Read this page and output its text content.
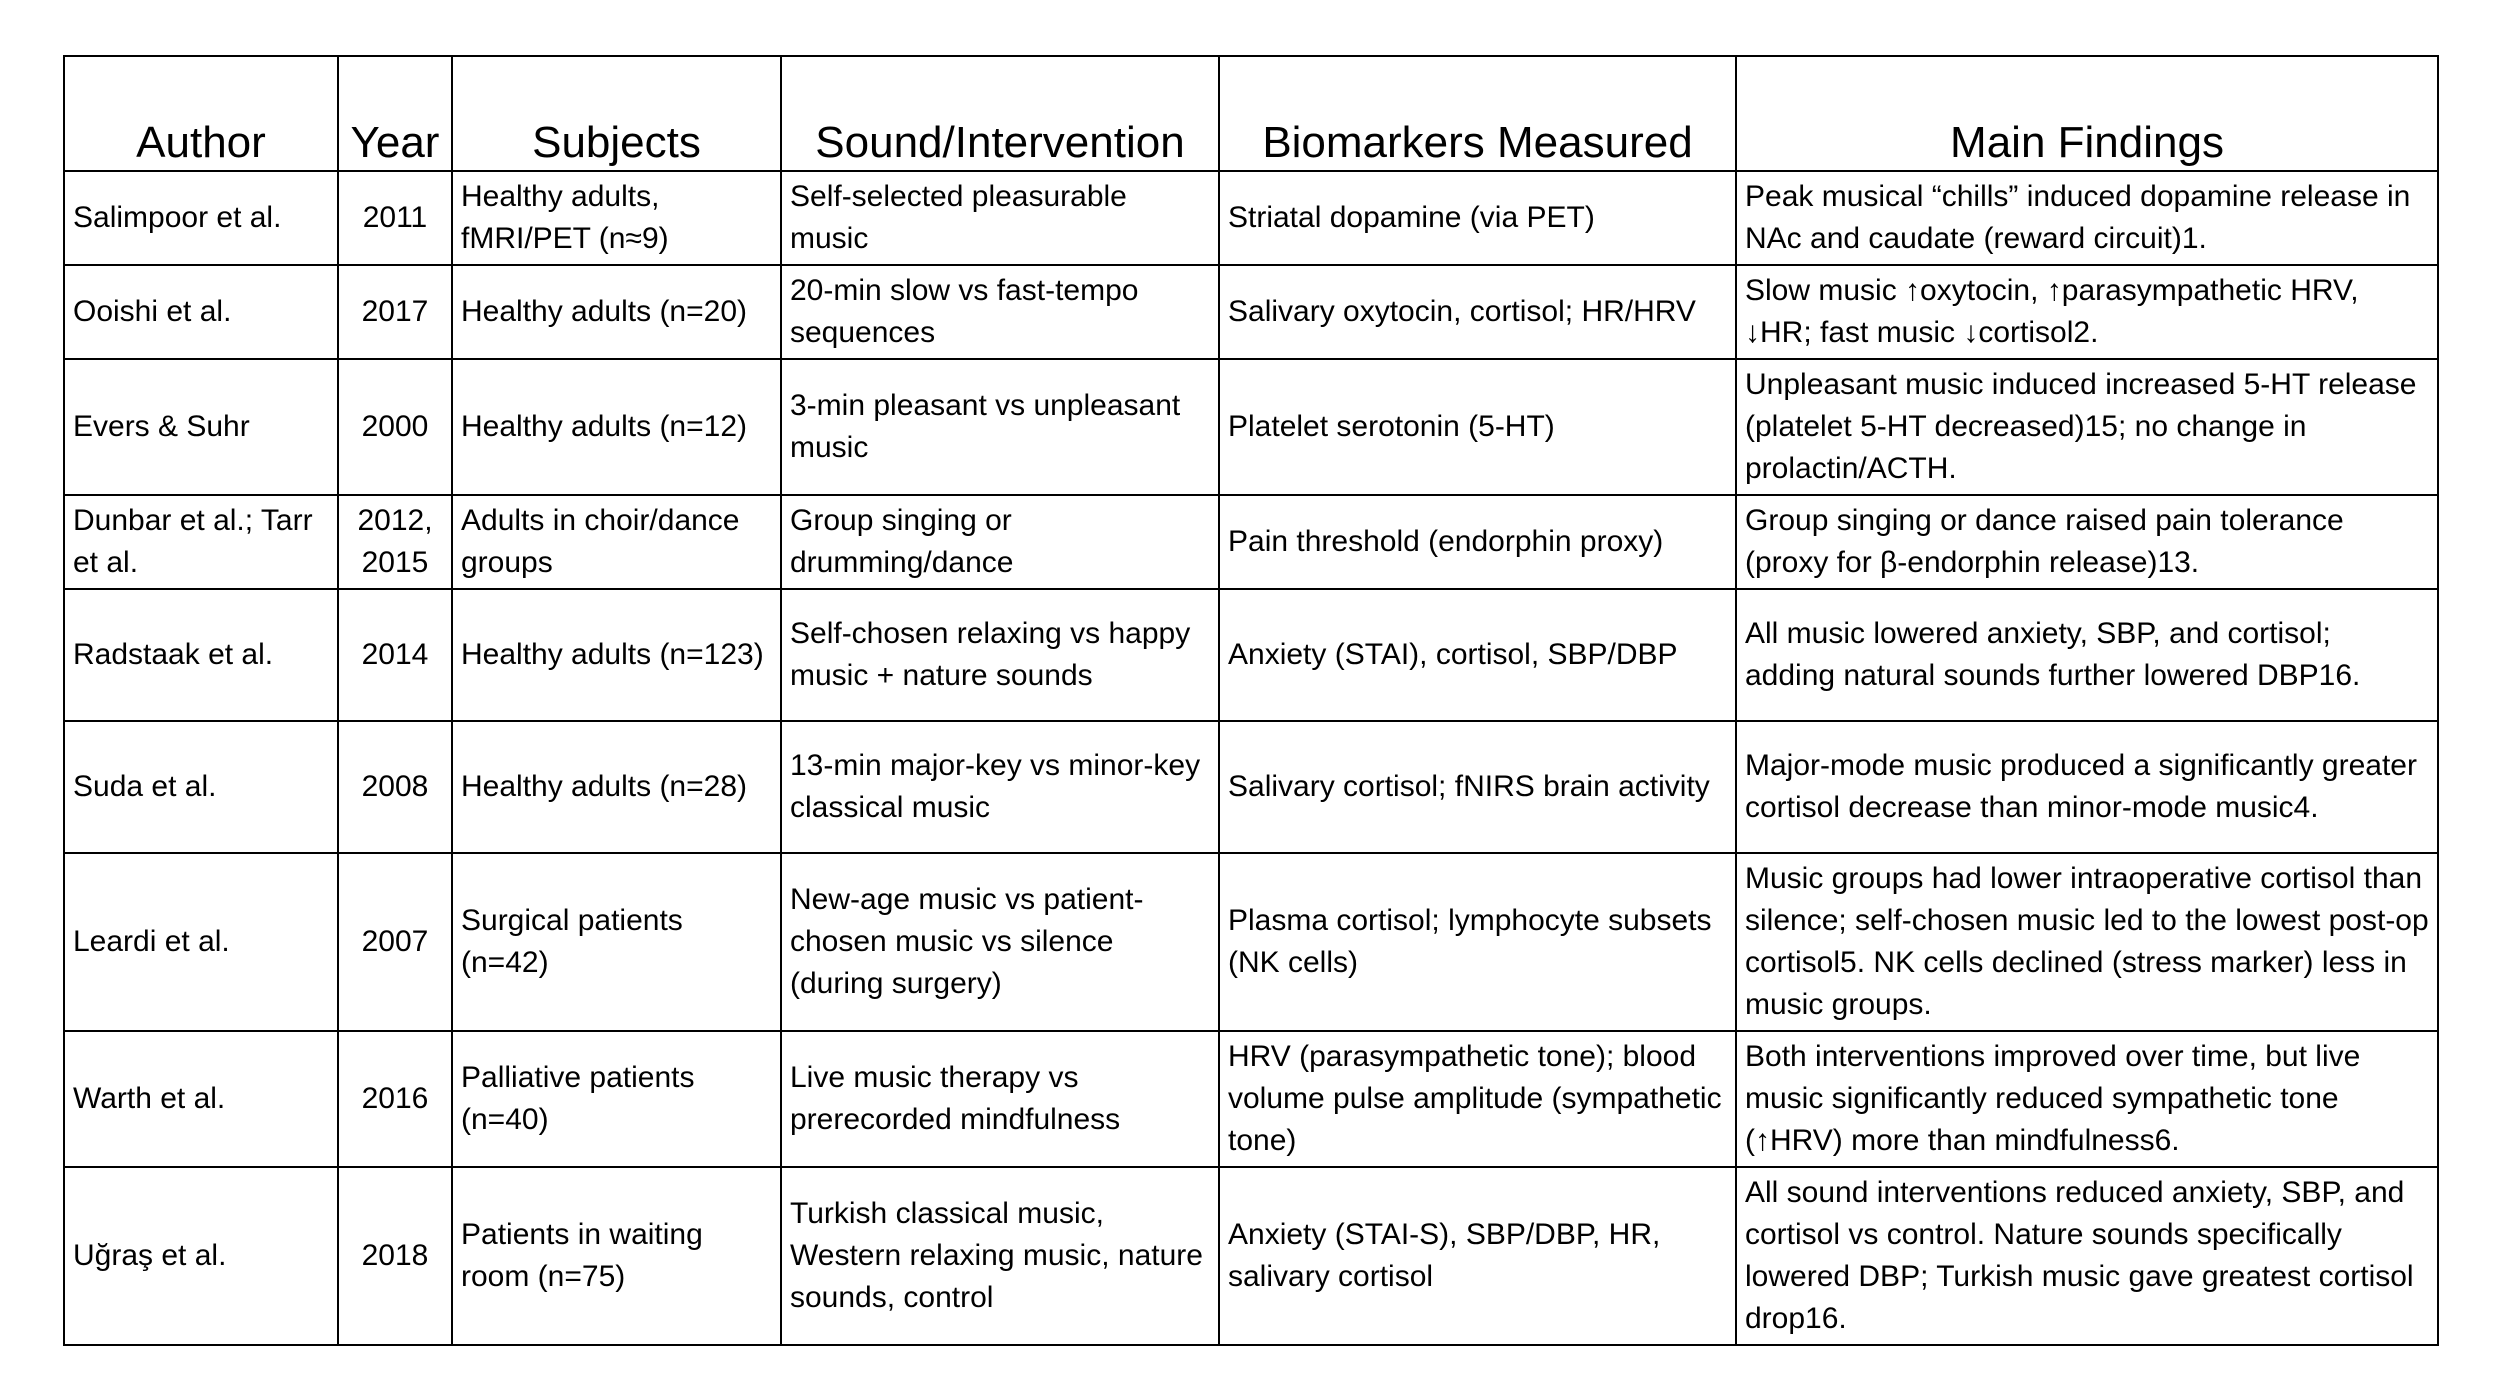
Author	Year	Subjects	Sound/Intervention	Biomarkers Measured	Main Findings
Salimpoor et al.	2011	Healthy adults, fMRI/PET (n≈9)	Self-selected pleasurable music	Striatal dopamine (via PET)	Peak musical “chills” induced dopamine release in NAc and caudate (reward circuit)1.
Ooishi et al.	2017	Healthy adults (n=20)	20-min slow vs fast-tempo sequences	Salivary oxytocin, cortisol; HR/HRV	Slow music ↑oxytocin, ↑parasympathetic HRV, ↓HR; fast music ↓cortisol2.
Evers & Suhr	2000	Healthy adults (n=12)	3-min pleasant vs unpleasant music	Platelet serotonin (5-HT)	Unpleasant music induced increased 5-HT release (platelet 5-HT decreased)15; no change in prolactin/ACTH.
Dunbar et al.; Tarr et al.	2012, 2015	Adults in choir/dance groups	Group singing or drumming/dance	Pain threshold (endorphin proxy)	Group singing or dance raised pain tolerance (proxy for β-endorphin release)13.
Radstaak et al.	2014	Healthy adults (n=123)	Self-chosen relaxing vs happy music + nature sounds	Anxiety (STAI), cortisol, SBP/DBP	All music lowered anxiety, SBP, and cortisol; adding natural sounds further lowered DBP16.
Suda et al.	2008	Healthy adults (n=28)	13-min major-key vs minor-key classical music	Salivary cortisol; fNIRS brain activity	Major-mode music produced a significantly greater cortisol decrease than minor-mode music4.
Leardi et al.	2007	Surgical patients (n=42)	New-age music vs patient-chosen music vs silence (during surgery)	Plasma cortisol; lymphocyte subsets (NK cells)	Music groups had lower intraoperative cortisol than silence; self-chosen music led to the lowest post-op cortisol5. NK cells declined (stress marker) less in music groups.
Warth et al.	2016	Palliative patients (n=40)	Live music therapy vs prerecorded mindfulness	HRV (parasympathetic tone); blood volume pulse amplitude (sympathetic tone)	Both interventions improved over time, but live music significantly reduced sympathetic tone (↑HRV) more than mindfulness6.
Uğraş et al.	2018	Patients in waiting room (n=75)	Turkish classical music, Western relaxing music, nature sounds, control	Anxiety (STAI-S), SBP/DBP, HR, salivary cortisol	All sound interventions reduced anxiety, SBP, and cortisol vs control. Nature sounds specifically lowered DBP; Turkish music gave greatest cortisol drop16.
